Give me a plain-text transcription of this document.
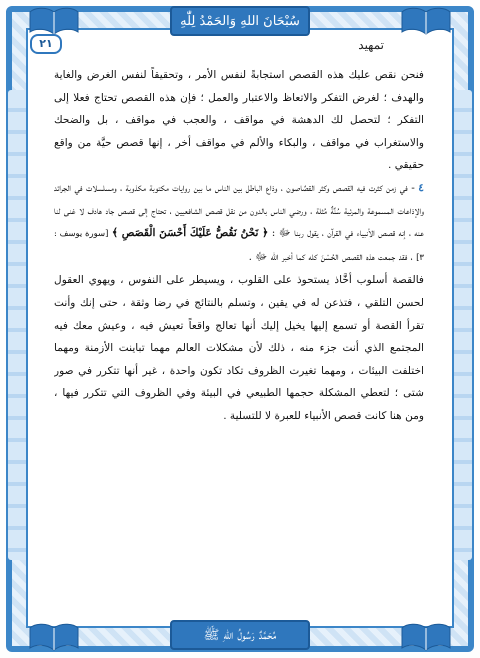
سُبْحَانَ اللهِ وَالحَمْدُ لِلّٰهِ
مُحَمَّدٌ رَسُولُ اللهِ ﷺ
٢١	تمهيد

فنحن نقص عليك هذه القصص استجابةً لنفس الأمر ، وتحقيقاً لنفس الغرض والغاية والهدف ؛ لغرض التفكر والاتعاظ والاعتبار والعمل ؛ فإن هذه القصص تحتاج فعلا إلى التفكر ؛ لتحصل لك الدهشة في مواقف ، والعجب في مواقف ، بل والضحك والاستغراب في مواقف ، والبكاء والألم في مواقف أخر ، إنها قصص حيَّة من واقع حقيقي .

٤ - في زمن كثرت فيه القصص وكثر القصَّاصون ، وذاع الباطل بين الناس ما بين روايات مكتوبة مكذوبة ، ومسلسلات في الجرائد والإذاعات المسموعة والمرئية سُنَّةٌ مُثلة ، ورضي الناس بالدون من نقل قصص الشافعيين ، تحتاج إلى قصص جاد هادف لا غنى لنا عنه ، إنه قصص الأنبياء في القرآن ، يقول ربنا ﷻ : ﴿ نَحْنُ نَقُصُّ عَلَيْكَ أَحْسَنَ الْقَصَصِ ﴾ [سورة يوسف : ٣] ، فقد جمعت هذه القصص الحُسْنَ كله كما أخبر الله ﷻ .

فالقصة أسلوب أخَّاذ يستحوذ على القلوب ، ويسيطر على النفوس ، ويهوي العقول لحسن التلقي ، فتذعن له في يقين ، وتسلم بالنتائج في رضا وثقة ، حتى إنك وأنت تقرأ القصة أو تسمع إليها يخيل إليك أنها تعالج واقعاً تعيش فيه ، وعيش معك فيه المجتمع الذي أنت جزء منه ، ذلك لأن مشكلات العالم مهما تباينت الأزمنة ومهما اختلفت البيئات ، ومهما تغيرت الظروف تكاد تكون واحدة ، غير أنها تتكرر في صور شتى ؛ لتعطي المشكلة حجمها الطبيعي في البيئة وفي الظروف التي تتكرر فيها ، ومن هنا كانت قصص الأنبياء للعبرة لا للتسلية .
